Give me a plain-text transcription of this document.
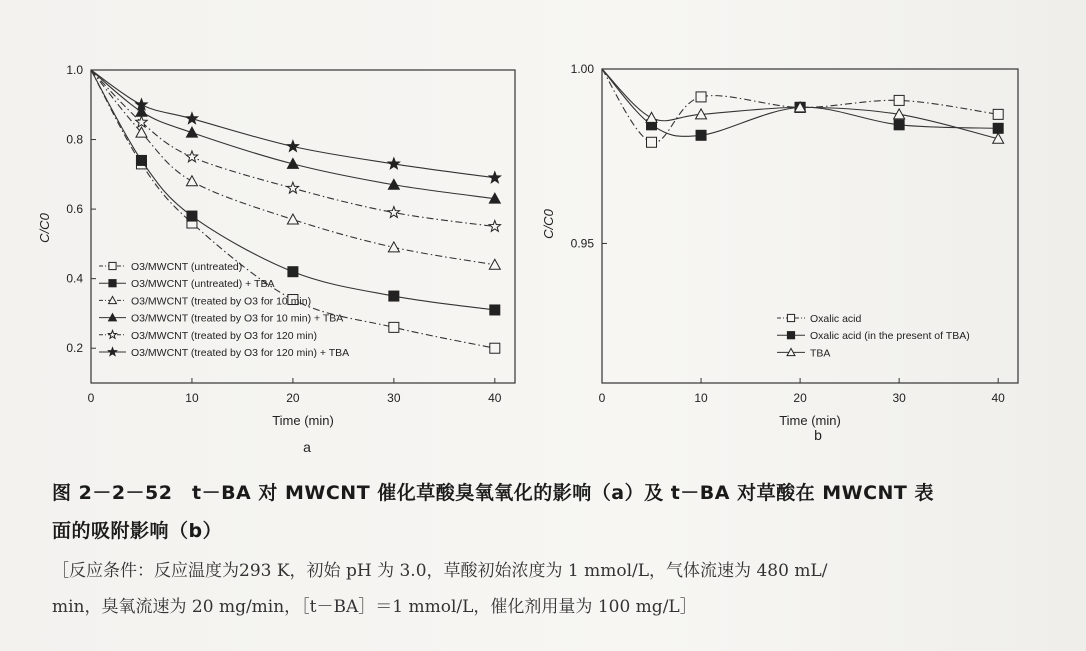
0	10	20	30	40
0.2
0.4
0.6
0.8
1.0
Time (min)
C/C0
a
O3/MWCNT (untreated)
O3/MWCNT (untreated) + TBA
O3/MWCNT (treated by O3 for 10 min)
O3/MWCNT (treated by O3 for 10 min) + TBA
O3/MWCNT (treated by O3 for 120 min)
O3/MWCNT (treated by O3 for 120 min) + TBA
0	10	20	30	40
0.95
1.00
Time (min)
C/C0
b
Oxalic acid
Oxalic acid (in the present of TBA)
TBA
图 2－2－52　t－BA 对 MWCNT 催化草酸臭氧氧化的影响（a）及 t－BA 对草酸在 MWCNT 表
面的吸附影响（b）
［反应条件：反应温度为293 K，初始 pH 为 3.0，草酸初始浓度为 1 mmol/L，气体流速为 480 mL/
min，臭氧流速为 20 mg/min，［t－BA］＝1 mmol/L，催化剂用量为 100 mg/L］
